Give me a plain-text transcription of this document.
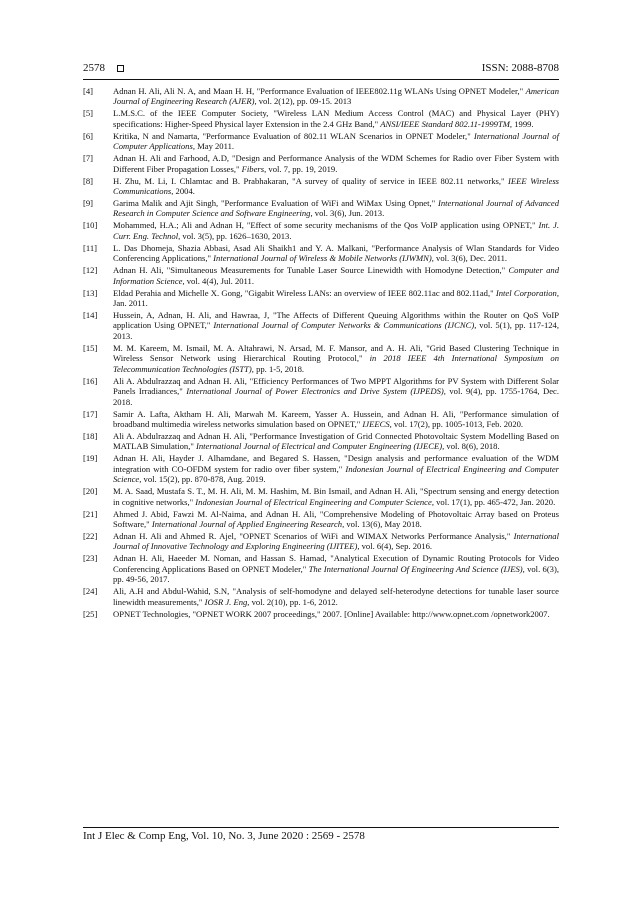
2578	ISSN: 2088-8708
[4]	Adnan H. Ali, Ali N. A, and Maan H. H, "Performance Evaluation of IEEE802.11g WLANs Using OPNET Modeler," American Journal of Engineering Research (AJER), vol. 2(12), pp. 09-15. 2013
[5]	L.M.S.C. of the IEEE Computer Society, "Wireless LAN Medium Access Control (MAC) and Physical Layer (PHY) specifications: Higher-Speed Physical layer Extension in the 2.4 GHz Band," ANSI/IEEE Standard 802.11-1999TM, 1999.
[6]	Kritika, N and Namarta, "Performance Evaluation of 802.11 WLAN Scenarios in OPNET Modeler," International Journal of Computer Applications, May 2011.
[7]	Adnan H. Ali and Farhood, A.D, "Design and Performance Analysis of the WDM Schemes for Radio over Fiber System with Different Fiber Propagation Losses," Fibers, vol. 7, pp. 19, 2019.
[8]	H. Zhu, M. Li, I. Chlamtac and B. Prabhakaran, "A survey of quality of service in IEEE 802.11 networks," IEEE Wireless Communications, 2004.
[9]	Garima Malik and Ajit Singh, "Performance Evaluation of WiFi and WiMax Using Opnet," International Journal of Advanced Research in Computer Science and Software Engineering, vol. 3(6), Jun. 2013.
[10]	Mohammed, H.A.; Ali and Adnan H, "Effect of some security mechanisms of the Qos VoIP application using OPNET," Int. J. Curr. Eng. Technol, vol. 3(5), pp. 1626–1630, 2013.
[11]	L. Das Dhomeja, Shazia Abbasi, Asad Ali Shaikh1 and Y. A. Malkani, "Performance Analysis of Wlan Standards for Video Conferencing Applications," International Journal of Wireless & Mobile Networks (IJWMN), vol. 3(6), Dec. 2011.
[12]	Adnan H. Ali, "Simultaneous Measurements for Tunable Laser Source Linewidth with Homodyne Detection," Computer and Information Science, vol. 4(4), Jul. 2011.
[13]	Eldad Perahia and Michelle X. Gong, "Gigabit Wireless LANs: an overview of IEEE 802.11ac and 802.11ad," Intel Corporation, Jan. 2011.
[14]	Hussein, A, Adnan, H. Ali, and Hawraa, J, "The Affects of Different Queuing Algorithms within the Router on QoS VoIP application Using OPNET," International Journal of Computer Networks & Communications (IJCNC), vol. 5(1), pp. 117-124, 2013.
[15]	M. M. Kareem, M. Ismail, M. A. Altahrawi, N. Arsad, M. F. Mansor, and A. H. Ali, "Grid Based Clustering Technique in Wireless Sensor Network using Hierarchical Routing Protocol," in 2018 IEEE 4th International Symposium on Telecommunication Technologies (ISTT), pp. 1-5, 2018.
[16]	Ali A. Abdulrazzaq and Adnan H. Ali, "Efficiency Performances of Two MPPT Algorithms for PV System with Different Solar Panels Irradiances," International Journal of Power Electronics and Drive System (IJPEDS), vol. 9(4), pp. 1755-1764, Dec. 2018.
[17]	Samir A. Lafta, Aktham H. Ali, Marwah M. Kareem, Yasser A. Hussein, and Adnan H. Ali, "Performance simulation of broadband multimedia wireless networks simulation based on OPNET," IJEECS, vol. 17(2), pp. 1005-1013, Feb. 2020.
[18]	Ali A. Abdulrazzaq and Adnan H. Ali, "Performance Investigation of Grid Connected Photovoltaic System Modelling Based on MATLAB Simulation," International Journal of Electrical and Computer Engineering (IJECE), vol. 8(6), 2018.
[19]	Adnan H. Ali, Hayder J. Alhamdane, and Begared S. Hassen, "Design analysis and performance evaluation of the WDM integration with CO-OFDM system for radio over fiber system," Indonesian Journal of Electrical Engineering and Computer Science, vol. 15(2), pp. 870-878, Aug. 2019.
[20]	M. A. Saad, Mustafa S. T., M. H. Ali, M. M. Hashim, M. Bin Ismail, and Adnan H. Ali, "Spectrum sensing and energy detection in cognitive networks," Indonesian Journal of Electrical Engineering and Computer Science, vol. 17(1), pp. 465-472, Jan. 2020.
[21]	Ahmed J. Abid, Fawzi M. Al-Naima, and Adnan H. Ali, "Comprehensive Modeling of Photovoltaic Array based on Proteus Software," International Journal of Applied Engineering Research, vol. 13(6), May 2018.
[22]	Adnan H. Ali and Ahmed R. Ajel, "OPNET Scenarios of WiFi and WIMAX Networks Performance Analysis," International Journal of Innovative Technology and Exploring Engineering (IJITEE), vol. 6(4), Sep. 2016.
[23]	Adnan H. Ali, Haeeder M. Noman, and Hassan S. Hamad, "Analytical Execution of Dynamic Routing Protocols for Video Conferencing Applications Based on OPNET Modeler," The International Journal Of Engineering And Science (IJES), vol. 6(3), pp. 49-56, 2017.
[24]	Ali, A.H and Abdul-Wahid, S.N, "Analysis of self-homodyne and delayed self-heterodyne detections for tunable laser source linewidth measurements," IOSR J. Eng, vol. 2(10), pp. 1-6, 2012.
[25]	OPNET Technologies, "OPNET WORK 2007 proceedings," 2007. [Online] Available: http://www.opnet.com /opnetwork2007.
Int J Elec & Comp Eng, Vol. 10, No. 3, June 2020 : 2569 - 2578
